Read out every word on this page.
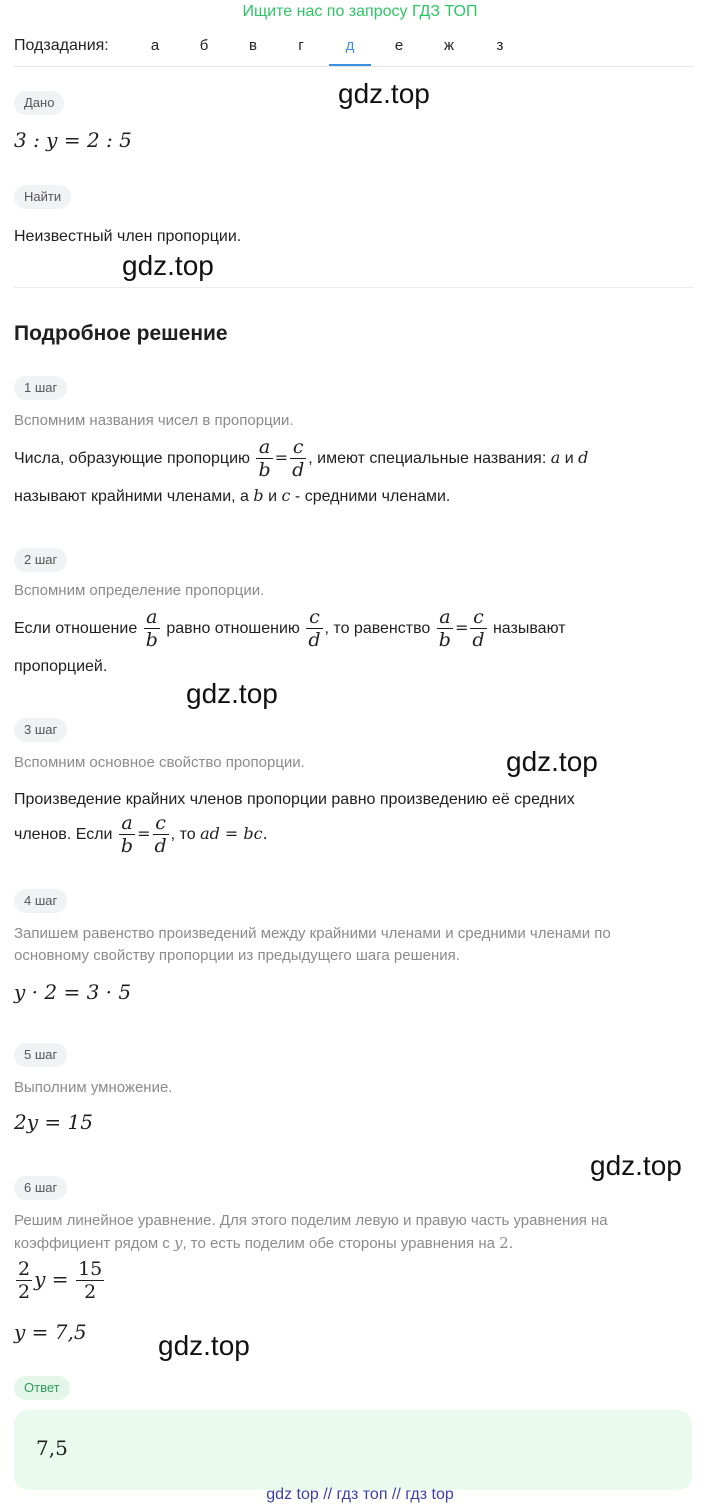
Ищите нас по запросу ГДЗ ТОП
Подзадания:	а	б	в	г	д	е	ж	з
Дано
3 : y = 2 : 5
Найти
Неизвестный член пропорции.
Подробное решение
1 шаг
Вспомним названия чисел в пропорции.
Числа, образующие пропорцию $\frac{a}{b} = \frac{c}{d}$ , имеют специальные названия: a и d
называют крайними членами, а b и c - средними членами.
2 шаг
Вспомним определение пропорции.
Если отношение $\frac{a}{b}$ равно отношению $\frac{c}{d}$ , то равенство $\frac{a}{b} = \frac{c}{d}$ называют
пропорцией.
3 шаг
Вспомним основное свойство пропорции.
Произведение крайних членов пропорции равно произведению её средних
членов. Если $\frac{a}{b} = \frac{c}{d}$ , то ad = bc.
4 шаг
Запишем равенство произведений между крайними членами и средними членами по
основному свойству пропорции из предыдущего шага решения.
y · 2 = 3 · 5
5 шаг
Выполним умножение.
2y = 15
6 шаг
Решим линейное уравнение. Для этого поделим левую и правую часть уравнения на
коэффициент рядом с y, то есть поделим обе стороны уравнения на 2.
$\frac{2}{2}$ $y = \frac{15}{2}$
y = 7,5
Ответ
7,5
gdz.top
gdz.top
gdz.top
gdz.top
gdz.top
gdz.top
gdz top // гдз топ // гдз top
